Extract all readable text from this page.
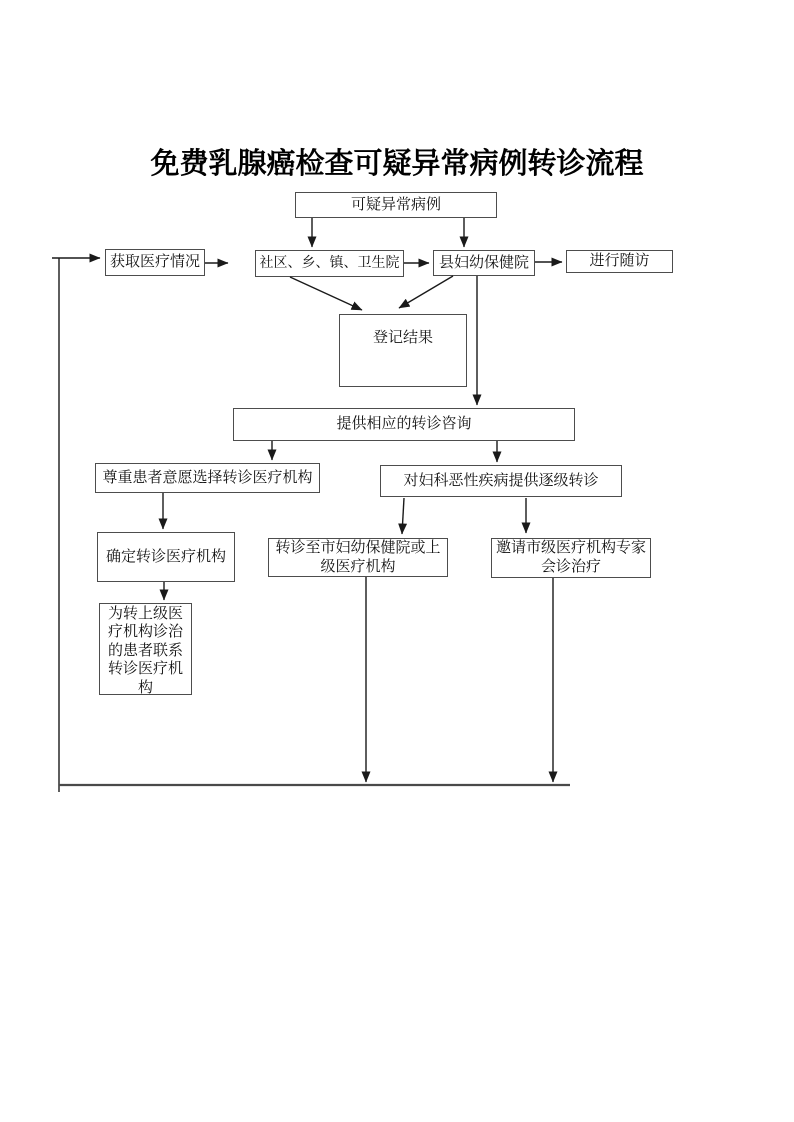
免费乳腺癌检查可疑异常病例转诊流程
可疑异常病例
获取医疗情况	社区、乡、镇、卫生院	县妇幼保健院	进行随访
登记结果
提供相应的转诊咨询
尊重患者意愿选择转诊医疗机构	对妇科恶性疾病提供逐级转诊
确定转诊医疗机构
转诊至市妇幼保健院或上级医疗机构
邀请市级医疗机构专家会诊治疗
为转上级医疗机构诊治的患者联系转诊医疗机构
